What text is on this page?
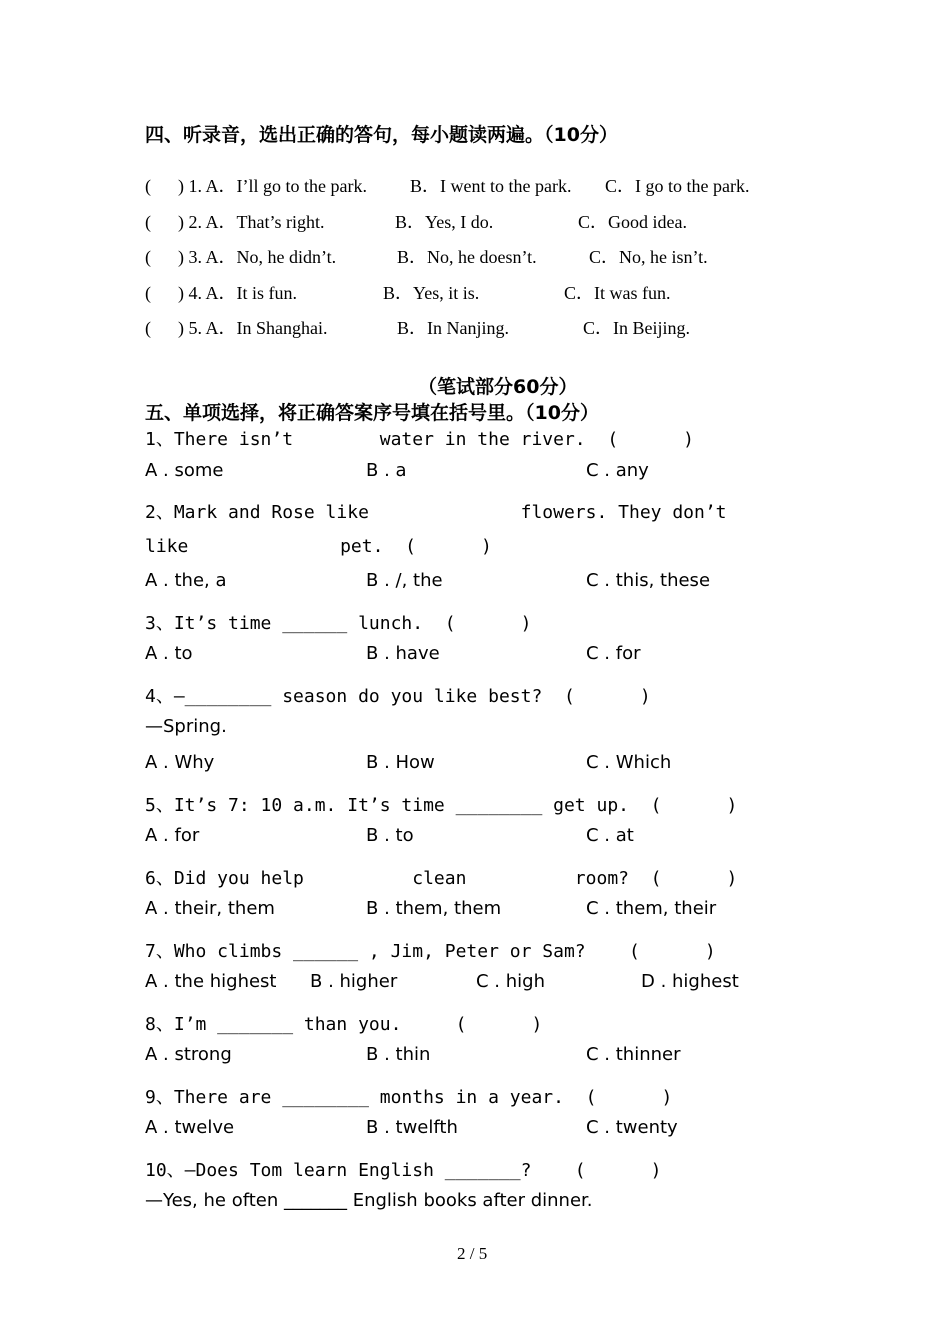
四、听录音，选出正确的答句，每小题读两遍。（10分）
(      ) 1. A．I’ll go to the park. B．I went to the park. C．I go to the park.
(      ) 2. A．That’s right.	B．Yes, I do.	C．Good idea.
(      ) 3. A．No, he didn’t.	B．No, he doesn’t.	C．No, he isn’t.
(      ) 4. A．It is fun.	B．Yes, it is.	C．It was fun.
(      ) 5. A．In Shanghai.	B．In Nanjing.	C．In Beijing.
（笔试部分60分）
五、单项选择，将正确答案序号填在括号里。（10分）
1、There isn’t        water in the river.  (      )
A . some	B . a	C . any
2、Mark and Rose like              flowers. They don’t
like              pet.  (      )
A . the, a	B . /, the	C . this, these
3、It’s time ______ lunch.  (      )
A . to	B . have	C . for
4、—________ season do you like best?  (      )
—Spring.
A . Why	B . How	C . Which
5、It’s 7: 10 a.m. It’s time ________ get up.  (      )
A . for	B . to	C . at
6、Did you help          clean          room?  (      )
A . their, them	B . them, them	C . them, their
7、Who climbs ______ , Jim, Peter or Sam?    (      )
A . the highest B . higher	C . high	D . highest
8、I’m _______ than you.     (      )
A . strong	B . thin	C . thinner
9、There are ________ months in a year.  (      )
A . twelve	B . twelfth	C . twenty
10、—Does Tom learn English _______?    (      )
—Yes, he often _______ English books after dinner.
2 / 5
